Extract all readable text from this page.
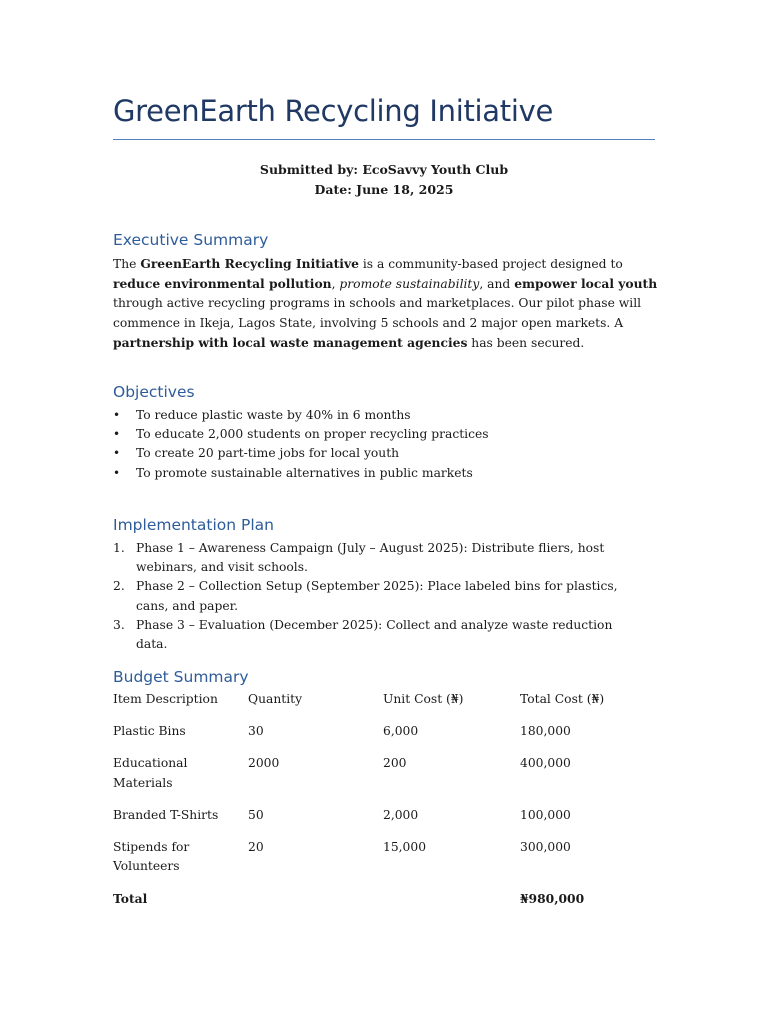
GreenEarth Recycling Initiative
Submitted by: EcoSavvy Youth Club
Date: June 18, 2025
Executive Summary

The GreenEarth Recycling Initiative is a community-based project designed to reduce environmental pollution, promote sustainability, and empower local youth through active recycling programs in schools and marketplaces. Our pilot phase will commence in Ikeja, Lagos State, involving 5 schools and 2 major open markets. A partnership with local waste management agencies has been secured.

Objectives
• To reduce plastic waste by 40% in 6 months
• To educate 2,000 students on proper recycling practices
• To create 20 part-time jobs for local youth
• To promote sustainable alternatives in public markets
Implementation Plan
1. Phase 1 – Awareness Campaign (July – August 2025): Distribute fliers, host webinars, and visit schools.
2. Phase 2 – Collection Setup (September 2025): Place labeled bins for plastics, cans, and paper.
3. Phase 3 – Evaluation (December 2025): Collect and analyze waste reduction data.
Budget Summary
Item Description	Quantity	Unit Cost (₦)	Total Cost (₦)
Plastic Bins	30	6,000	180,000
Educational Materials	2000	200	400,000
Branded T-Shirts	50	2,000	100,000
Stipends for Volunteers	20	15,000	300,000
Total			₦980,000
